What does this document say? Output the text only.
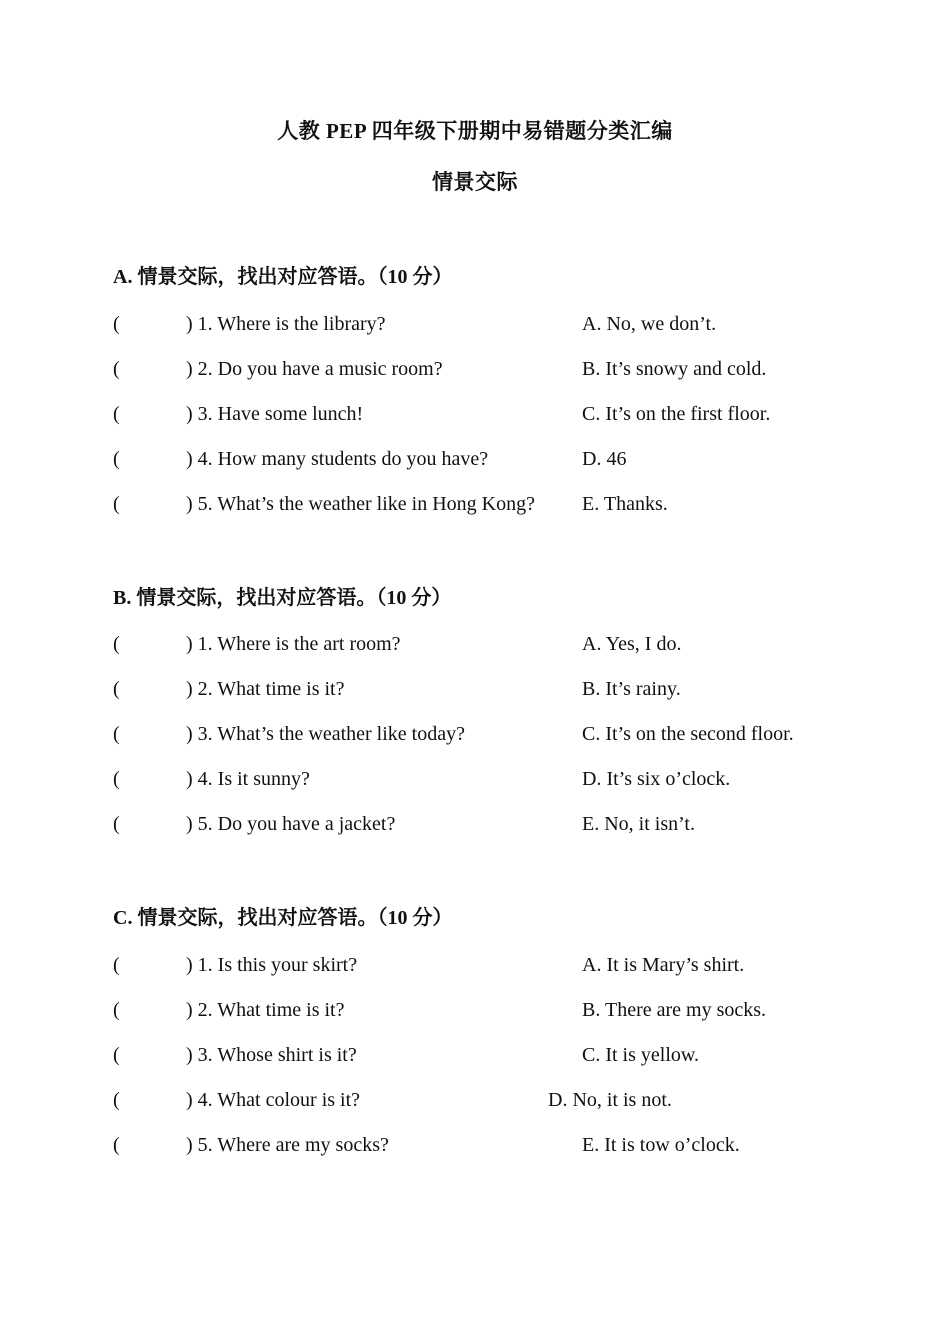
人教 PEP 四年级下册期中易错题分类汇编
情景交际
A. 情景交际，找出对应答语。（10 分）
(	) 1. Where is the library?	A. No, we don’t.
(	) 2. Do you have a music room?	B. It’s snowy and cold.
(	) 3. Have some lunch!	C. It’s on the first floor.
(	) 4. How many students do you have?	D. 46
(	) 5. What’s the weather like in Hong Kong? E. Thanks.
B. 情景交际，找出对应答语。（10 分）
(	) 1. Where is the art room?	A. Yes, I do.
(	) 2. What time is it?	B. It’s rainy.
(	) 3. What’s the weather like today?	C. It’s on the second floor.
(	) 4. Is it sunny?	D. It’s six o’clock.
(	) 5. Do you have a jacket?	E. No, it isn’t.
C. 情景交际，找出对应答语。（10 分）
(	) 1. Is this your skirt?	A. It is Mary’s shirt.
(	) 2. What time is it?	B. There are my socks.
(	) 3. Whose shirt is it?	C. It is yellow.
(	) 4. What colour is it?	D. No, it is not.
(	) 5. Where are my socks?	E. It is tow o’clock.
